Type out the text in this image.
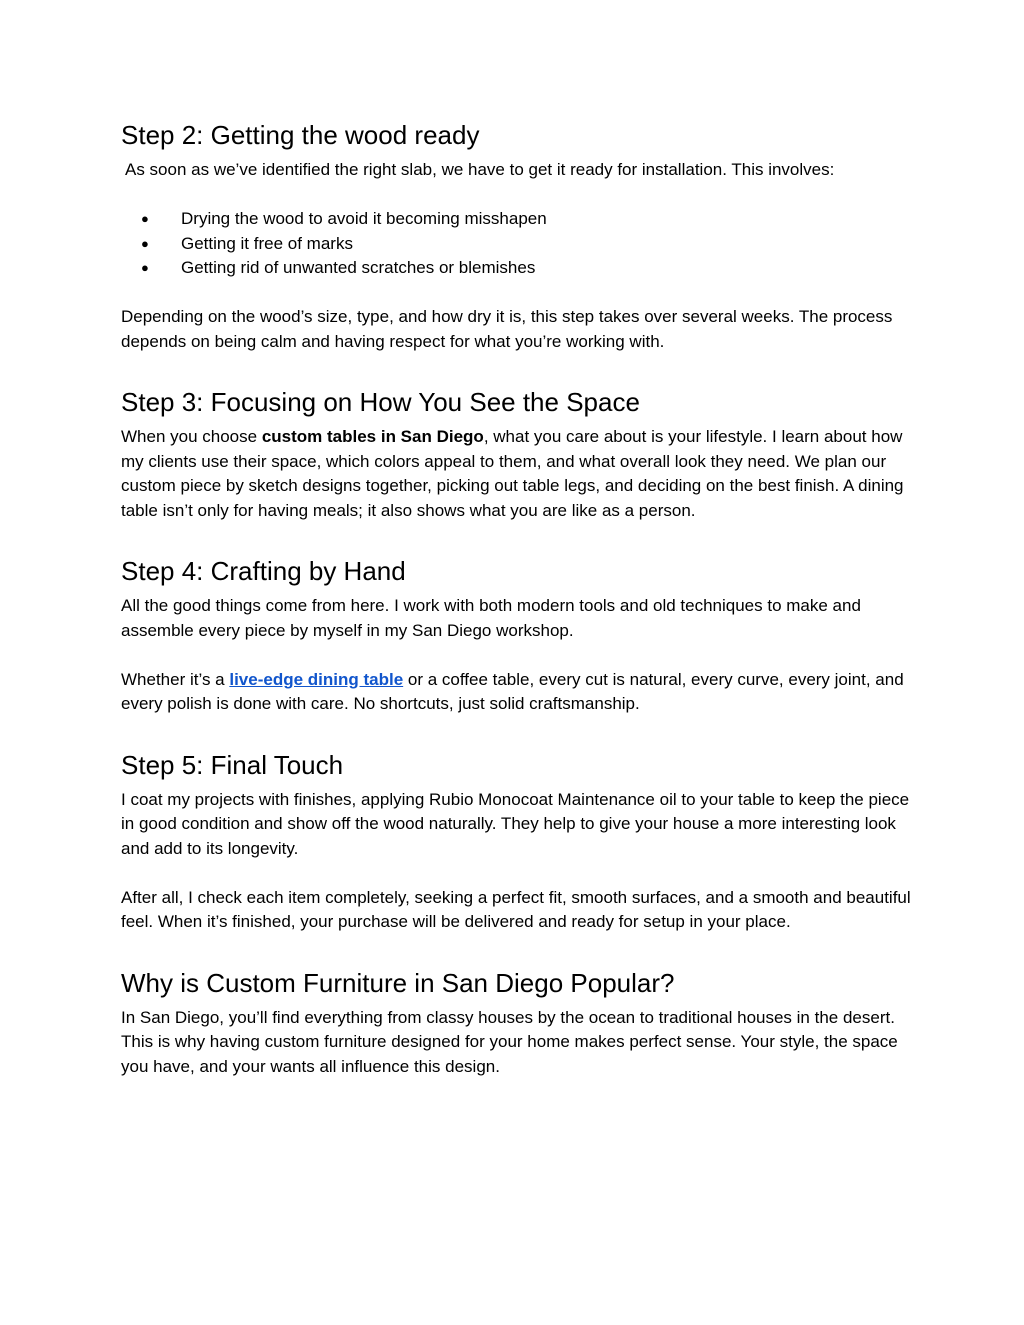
Step 2: Getting the wood ready

As soon as we’ve identified the right slab, we have to get it ready for installation. This involves:

● Drying the wood to avoid it becoming misshapen
● Getting it free of marks
● Getting rid of unwanted scratches or blemishes

Depending on the wood’s size, type, and how dry it is, this step takes over several weeks. The process depends on being calm and having respect for what you’re working with.

Step 3: Focusing on How You See the Space

When you choose custom tables in San Diego, what you care about is your lifestyle. I learn about how my clients use their space, which colors appeal to them, and what overall look they need. We plan our custom piece by sketch designs together, picking out table legs, and deciding on the best finish. A dining table isn’t only for having meals; it also shows what you are like as a person.

Step 4: Crafting by Hand

All the good things come from here. I work with both modern tools and old techniques to make and assemble every piece by myself in my San Diego workshop.

Whether it’s a live-edge dining table or a coffee table, every cut is natural, every curve, every joint, and every polish is done with care. No shortcuts, just solid craftsmanship.

Step 5: Final Touch

I coat my projects with finishes, applying Rubio Monocoat Maintenance oil to your table to keep the piece in good condition and show off the wood naturally. They help to give your house a more interesting look and add to its longevity.

After all, I check each item completely, seeking a perfect fit, smooth surfaces, and a smooth and beautiful feel. When it’s finished, your purchase will be delivered and ready for setup in your place.

Why is Custom Furniture in San Diego Popular?

In San Diego, you’ll find everything from classy houses by the ocean to traditional houses in the desert. This is why having custom furniture designed for your home makes perfect sense. Your style, the space you have, and your wants all influence this design.
